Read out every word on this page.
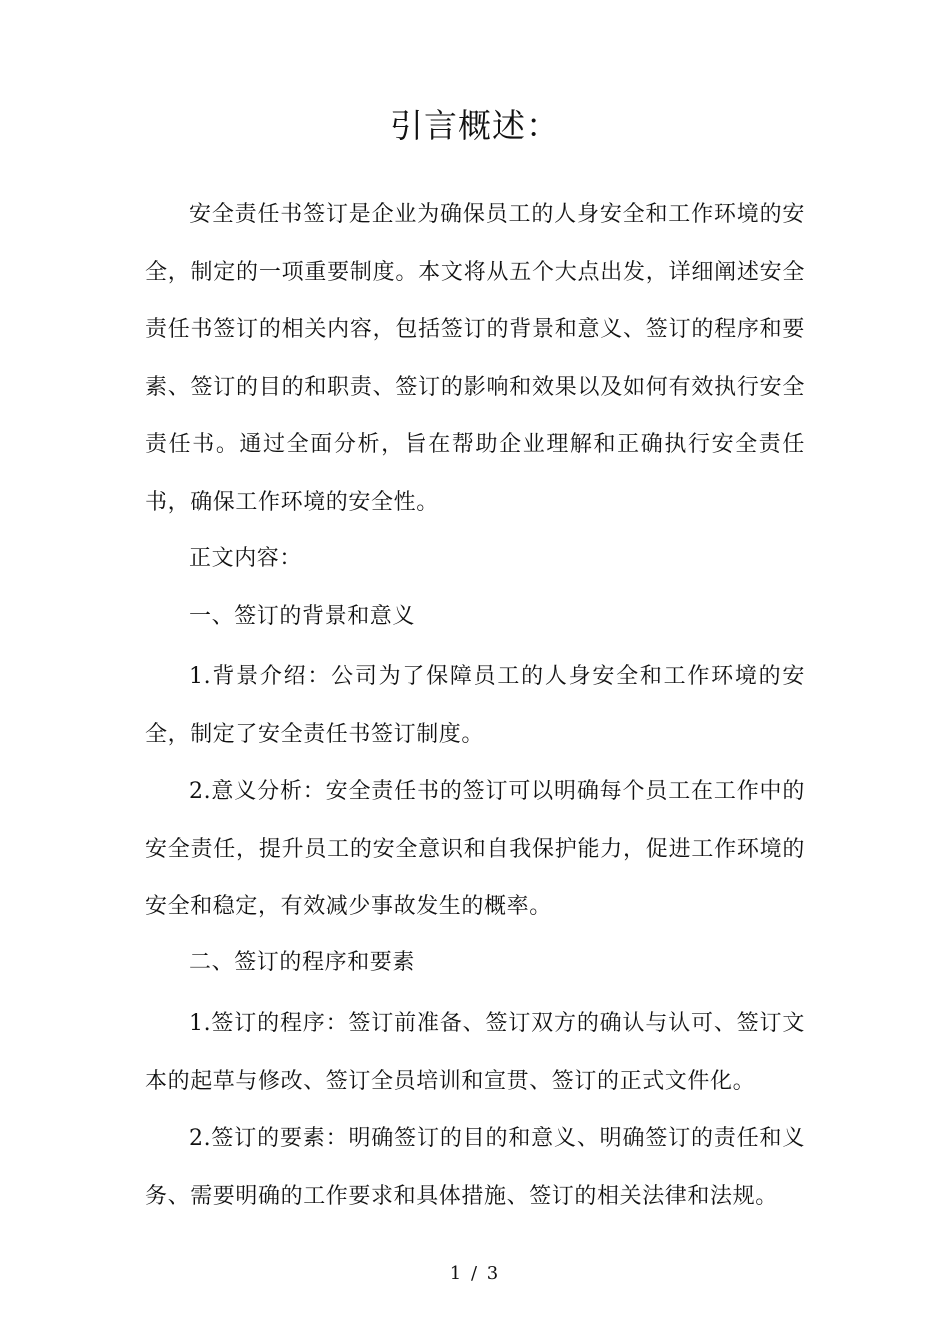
引言概述：

安全责任书签订是企业为确保员工的人身安全和工作环境的安全，制定的一项重要制度。本文将从五个大点出发，详细阐述安全责任书签订的相关内容，包括签订的背景和意义、签订的程序和要素、签订的目的和职责、签订的影响和效果以及如何有效执行安全责任书。通过全面分析，旨在帮助企业理解和正确执行安全责任书，确保工作环境的安全性。

正文内容：

一、签订的背景和意义

1.背景介绍：公司为了保障员工的人身安全和工作环境的安全，制定了安全责任书签订制度。

2.意义分析：安全责任书的签订可以明确每个员工在工作中的安全责任，提升员工的安全意识和自我保护能力，促进工作环境的安全和稳定，有效减少事故发生的概率。

二、签订的程序和要素

1.签订的程序：签订前准备、签订双方的确认与认可、签订文本的起草与修改、签订全员培训和宣贯、签订的正式文件化。

2.签订的要素：明确签订的目的和意义、明确签订的责任和义务、需要明确的工作要求和具体措施、签订的相关法律和法规。

1 / 3
